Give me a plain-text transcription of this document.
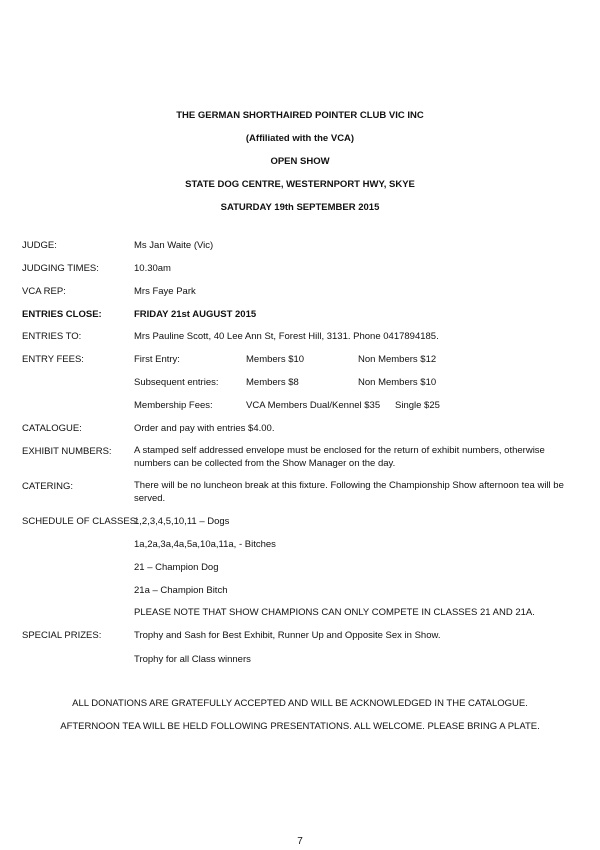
THE GERMAN SHORTHAIRED POINTER CLUB VIC INC
(Affiliated with the VCA)
OPEN SHOW
STATE DOG CENTRE, WESTERNPORT HWY, SKYE
SATURDAY 19th SEPTEMBER 2015
JUDGE:	Ms Jan Waite (Vic)
JUDGING TIMES:	10.30am
VCA REP:	Mrs Faye Park
ENTRIES CLOSE:	FRIDAY 21st AUGUST 2015
ENTRIES TO:	Mrs Pauline Scott, 40 Lee Ann St, Forest Hill, 3131. Phone 0417894185.
ENTRY FEES:	First Entry:	Members $10	Non Members $12
Subsequent entries:	Members $8	Non Members $10
Membership Fees:	VCA Members Dual/Kennel $35 Single $25
CATALOGUE:	Order and pay with entries $4.00.
EXHIBIT NUMBERS: A stamped self addressed envelope must be enclosed for the return of exhibit numbers, otherwise numbers can be collected from the Show Manager on the day.
CATERING:	There will be no luncheon break at this fixture. Following the Championship Show afternoon tea will be served.
SCHEDULE OF CLASSES:
1,2,3,4,5,10,11 – Dogs
1a,2a,3a,4a,5a,10a,11a, - Bitches
21 – Champion Dog
21a – Champion Bitch
PLEASE NOTE THAT SHOW CHAMPIONS CAN ONLY COMPETE IN CLASSES 21 AND 21A.
SPECIAL PRIZES:	Trophy and Sash for Best Exhibit, Runner Up and Opposite Sex in Show.
Trophy for all Class winners
ALL DONATIONS ARE GRATEFULLY ACCEPTED AND WILL BE ACKNOWLEDGED IN THE CATALOGUE.
AFTERNOON TEA WILL BE HELD FOLLOWING PRESENTATIONS. ALL WELCOME. PLEASE BRING A PLATE.
7
